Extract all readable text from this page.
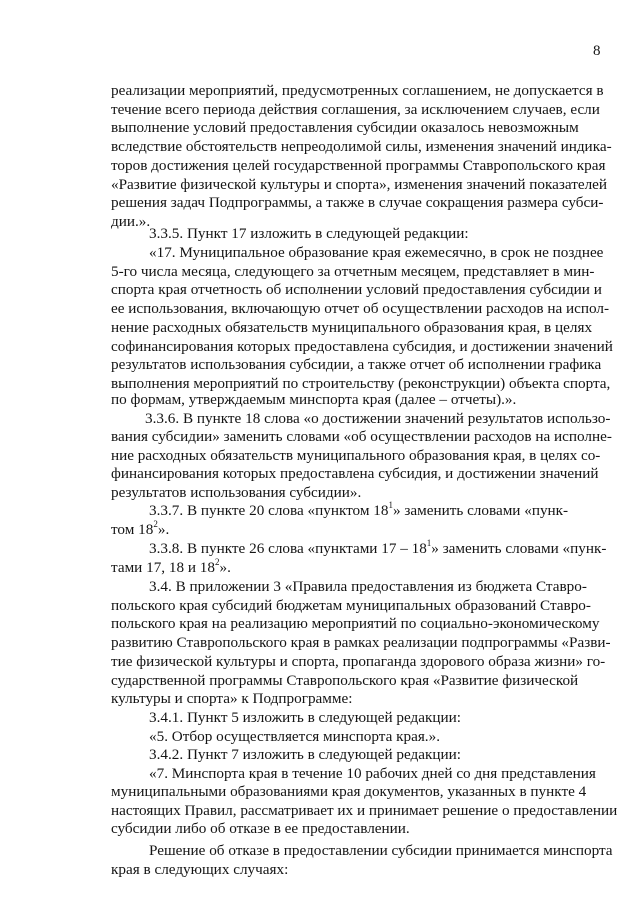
8
реализации мероприятий, предусмотренных соглашением, не допускается в
течение всего периода действия соглашения, за исключением случаев, если
выполнение условий предоставления субсидии оказалось невозможным
вследствие обстоятельств непреодолимой силы, изменения значений индика-
торов достижения целей государственной программы Ставропольского края
«Развитие физической культуры и спорта», изменения значений показателей
решения задач Подпрограммы, а также в случае сокращения размера субси-
дии.».
3.3.5. Пункт 17 изложить в следующей редакции:
«17. Муниципальное образование края ежемесячно, в срок не позднее
5-го числа месяца, следующего за отчетным месяцем, представляет в мин-
спорта края отчетность об исполнении условий предоставления субсидии и
ее использования, включающую отчет об осуществлении расходов на испол-
нение расходных обязательств муниципального образования края, в целях
софинансирования которых предоставлена субсидия, и достижении значений
результатов использования субсидии, а также отчет об исполнении графика
выполнения мероприятий по строительству (реконструкции) объекта спорта,
по формам, утверждаемым минспорта края (далее – отчеты).».
3.3.6. В пункте 18 слова «о достижении значений результатов использо-
вания субсидии» заменить словами «об осуществлении расходов на исполне-
ние расходных обязательств муниципального образования края, в целях со-
финансирования которых предоставлена субсидия, и достижении значений
результатов использования субсидии».
3.3.7. В пункте 20 слова «пунктом $18^1$» заменить словами «пунк-
том $18^2$».
3.3.8. В пункте 26 слова «пунктами $17 - 18^1$» заменить словами «пунк-
тами 17, 18 и $18^2$».
3.4. В приложении 3 «Правила предоставления из бюджета Ставро-
польского края субсидий бюджетам муниципальных образований Ставро-
польского края на реализацию мероприятий по социально-экономическому
развитию Ставропольского края в рамках реализации подпрограммы «Разви-
тие физической культуры и спорта, пропаганда здорового образа жизни» го-
сударственной программы Ставропольского края «Развитие физической
культуры и спорта» к Подпрограмме:
3.4.1. Пункт 5 изложить в следующей редакции:
«5. Отбор осуществляется минспорта края.».
3.4.2. Пункт 7 изложить в следующей редакции:
«7. Минспорта края в течение 10 рабочих дней со дня представления
муниципальными образованиями края документов, указанных в пункте 4
настоящих Правил, рассматривает их и принимает решение о предоставлении
субсидии либо об отказе в ее предоставлении.
Решение об отказе в предоставлении субсидии принимается минспорта
края в следующих случаях:
